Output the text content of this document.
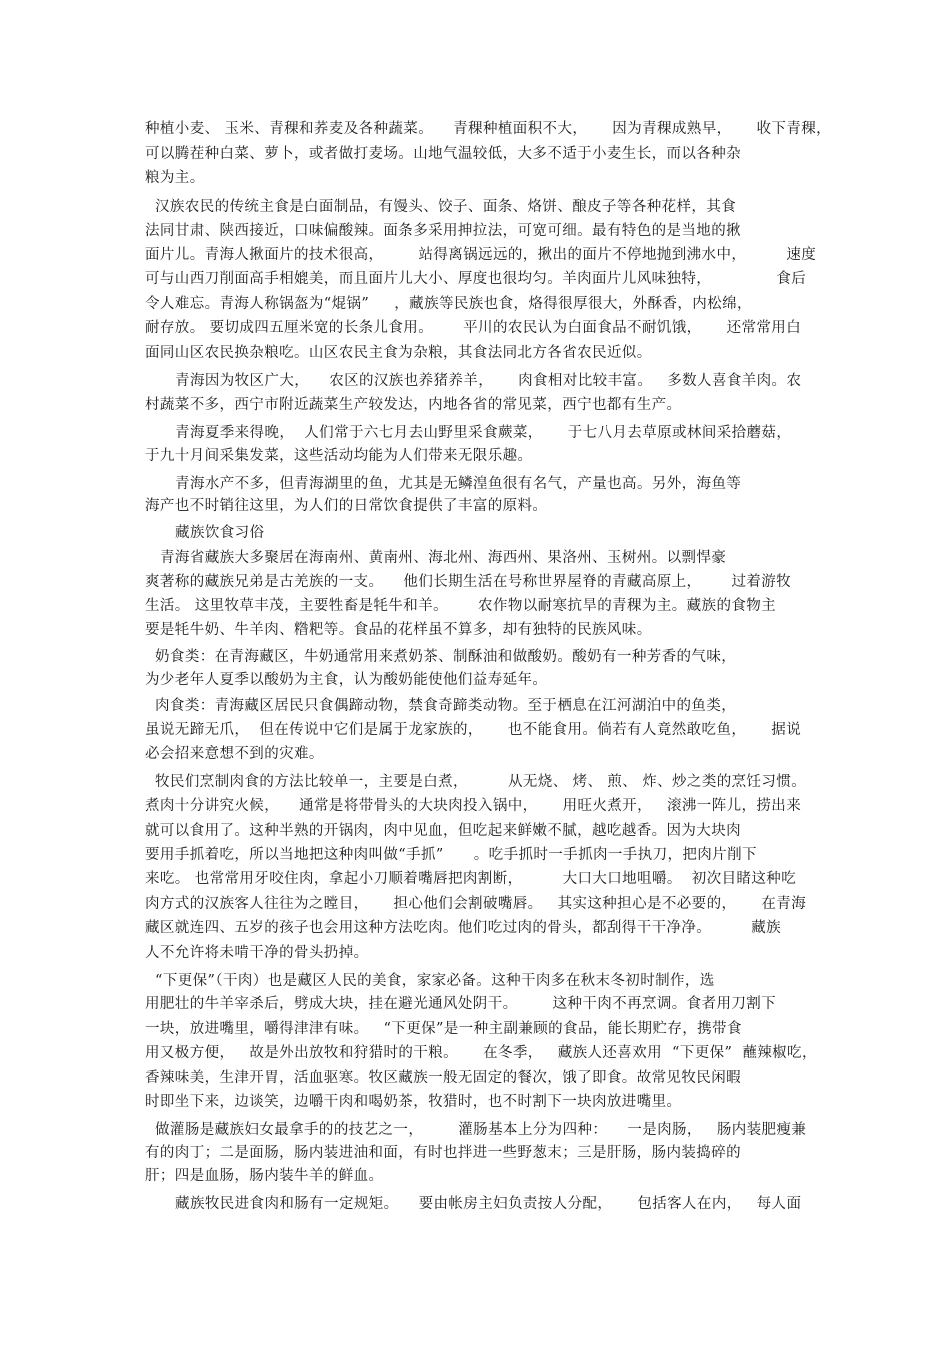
种植小麦、 玉米、青稞和荞麦及各种蔬菜。    青稞种植面积不大，     因为青稞成熟早，     收下青稞，
可以腾茬种白菜、萝卜，或者做打麦场。山地气温较低，大多不适于小麦生长，而以各种杂
粮为主。
汉族农民的传统主食是白面制品，有馒头、饺子、面条、烙饼、酿皮子等各种花样，其食
法同甘肃、陕西接近，口味偏酸辣。面条多采用抻拉法，可宽可细。最有特色的是当地的揪
面片儿。青海人揪面片的技术很高，       站得离锅远远的，揪出的面片不停地抛到沸水中，        速度
可与山西刀削面高手相媲美，而且面片儿大小、厚度也很均匀。羊肉面片儿风味独特，             食后
令人难忘。青海人称锅盔为“焜锅”     ，藏族等民族也食，烙得很厚很大，外酥香，内松绵，
耐存放。 要切成四五厘米宽的长条儿食用。      平川的农民认为白面食品不耐饥饿，     还常常用白
面同山区农民换杂粮吃。山区农民主食为杂粮，其食法同北方各省农民近似。
青海因为牧区广大，    农区的汉族也养猪养羊，     肉食相对比较丰富。   多数人喜食羊肉。农
村蔬菜不多，西宁市附近蔬菜生产较发达，内地各省的常见菜，西宁也都有生产。
青海夏季来得晚，  人们常于六七月去山野里采食蕨菜，     于七八月去草原或林间采拾蘑菇，
于九十月间采集发菜，这些活动均能为人们带来无限乐趣。
青海水产不多，但青海湖里的鱼，尤其是无鳞湟鱼很有名气，产量也高。另外，海鱼等
海产也不时销往这里，为人们的日常饮食提供了丰富的原料。
藏族饮食习俗
青海省藏族大多聚居在海南州、黄南州、海北州、海西州、果洛州、玉树州。以剽悍豪
爽著称的藏族兄弟是古羌族的一支。    他们长期生活在号称世界屋脊的青藏高原上，      过着游牧
生活。 这里牧草丰茂，主要牲畜是牦牛和羊。      农作物以耐寒抗旱的青稞为主。藏族的食物主
要是牦牛奶、牛羊肉、糌粑等。食品的花样虽不算多，却有独特的民族风味。
奶食类：在青海藏区，牛奶通常用来煮奶茶、制酥油和做酸奶。酸奶有一种芳香的气味，
为少老年人夏季以酸奶为主食，认为酸奶能使他们益寿延年。
肉食类：青海藏区居民只食偶蹄动物，禁食奇蹄类动物。至于栖息在江河湖泊中的鱼类，
虽说无蹄无爪，  但在传说中它们是属于龙家族的，     也不能食用。倘若有人竟然敢吃鱼，     据说
必会招来意想不到的灾难。
牧民们烹制肉食的方法比较单一，主要是白煮，        从无烧、 烤、 煎、 炸、炒之类的烹饪习惯。
煮肉十分讲究火候，    通常是将带骨头的大块肉投入锅中，     用旺火煮开，   滚沸一阵儿，捞出来
就可以食用了。这种半熟的开锅肉，肉中见血，但吃起来鲜嫩不腻，越吃越香。因为大块肉
要用手抓着吃，所以当地把这种肉叫做“手抓”      。吃手抓时一手抓肉一手执刀，把肉片削下
来吃。 也常常用牙咬住肉，拿起小刀顺着嘴唇把肉割断，        大口大口地咀嚼。  初次目睹这种吃
肉方式的汉族客人往往为之瞠目，     担心他们会割破嘴唇。   其实这种担心是不必要的，     在青海
藏区就连四、五岁的孩子也会用这种方法吃肉。他们吃过肉的骨头，都刮得干干净净。        藏族
人不允许将未啃干净的骨头扔掉。
“下更保”（干肉）也是藏区人民的美食，家家必备。这种干肉多在秋末冬初时制作，选
用肥壮的牛羊宰杀后，劈成大块，挂在避光通风处阴干。       这种干肉不再烹调。食者用刀割下
一块，放进嘴里，嚼得津津有味。   “下更保”是一种主副兼顾的食品，能长期贮存，携带食
用又极方便，   故是外出放牧和狩猎时的干粮。     在冬季，   藏族人还喜欢用  “下更保”  蘸辣椒吃，
香辣味美，生津开胃，活血驱寒。牧区藏族一般无固定的餐次，饿了即食。故常见牧民闲暇
时即坐下来，边谈笑，边嚼干肉和喝奶茶，牧猎时，也不时割下一块肉放进嘴里。
做灌肠是藏族妇女最拿手的的技艺之一，       灌肠基本上分为四种：    一是肉肠，   肠内装肥瘦兼
有的肉丁；二是面肠，肠内装进油和面，有时也拌进一些野葱末；三是肝肠，肠内装捣碎的
肝；四是血肠，肠内装牛羊的鲜血。
藏族牧民进食肉和肠有一定规矩。    要由帐房主妇负责按人分配，     包括客人在内，   每人面
